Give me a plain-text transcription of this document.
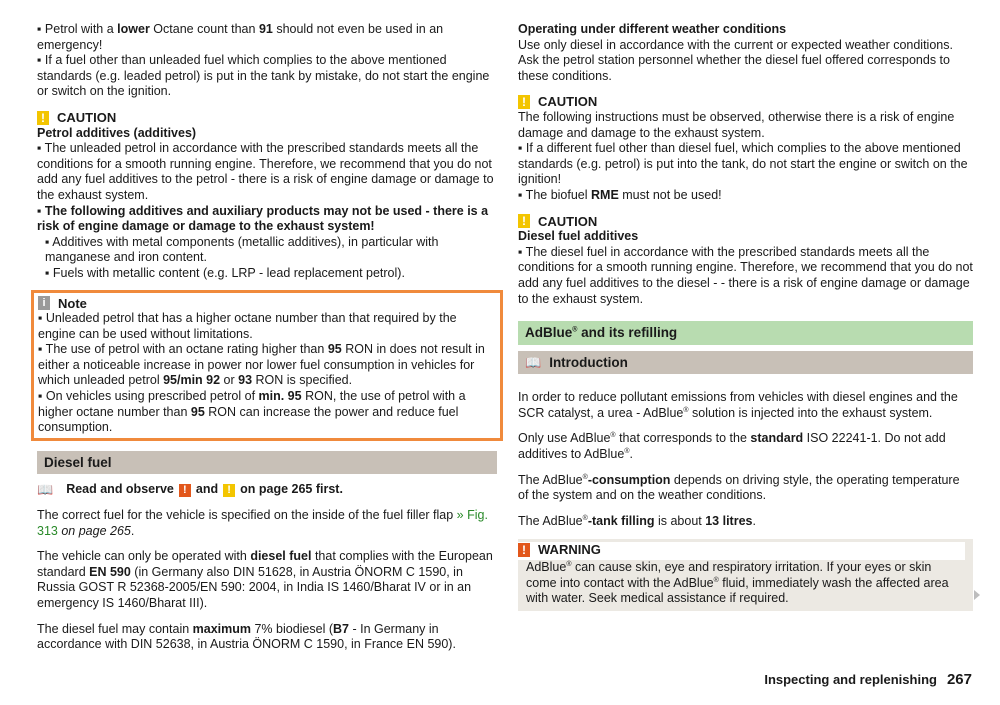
▪ Petrol with a lower Octane count than 91 should not even be used in an emergency!

▪ If a fuel other than unleaded fuel which complies to the above mentioned standards (e.g. leaded petrol) is put in the tank by mistake, do not start the engine or switch on the ignition.

! CAUTION

Petrol additives (additives)

▪ The unleaded petrol in accordance with the prescribed standards meets all the conditions for a smooth running engine. Therefore, we recommend that you do not add any fuel additives to the petrol - there is a risk of engine damage or damage to the exhaust system.

▪ The following additives and auxiliary products may not be used - there is a risk of engine damage or damage to the exhaust system!

▪ Additives with metal components (metallic additives), in particular with manganese and iron content.

▪ Fuels with metallic content (e.g. LRP - lead replacement petrol).

i Note

▪ Unleaded petrol that has a higher octane number than that required by the engine can be used without limitations.

▪ The use of petrol with an octane rating higher than 95 RON in does not result in either a noticeable increase in power nor lower fuel consumption in vehicles for which unleaded petrol 95/min 92 or 93 RON is specified.

▪ On vehicles using prescribed petrol of min. 95 RON, the use of petrol with a higher octane number than 95 RON can increase the power and reduce fuel consumption.

Diesel fuel
📖 Read and observe ! and ! on page 265 first.

The correct fuel for the vehicle is specified on the inside of the fuel filler flap » Fig. 313 on page 265.

The vehicle can only be operated with diesel fuel that complies with the European standard EN 590 (in Germany also DIN 51628, in Austria ÖNORM C 1590, in Russia GOST R 52368-2005/EN 590: 2004, in India IS 1460/Bharat IV or in an emergency IS 1460/Bharat III).

The diesel fuel may contain maximum 7% biodiesel (B7 - In Germany in accordance with DIN 52638, in Austria ÖNORM C 1590, in France EN 590).

Operating under different weather conditions

Use only diesel in accordance with the current or expected weather conditions. Ask the petrol station personnel whether the diesel fuel offered corresponds to these conditions.

! CAUTION

The following instructions must be observed, otherwise there is a risk of engine damage and damage to the exhaust system.

▪ If a different fuel other than diesel fuel, which complies to the above mentioned standards (e.g. petrol) is put into the tank, do not start the engine or switch on the ignition!

▪ The biofuel RME must not be used!

! CAUTION

Diesel fuel additives

▪ The diesel fuel in accordance with the prescribed standards meets all the conditions for a smooth running engine. Therefore, we recommend that you do not add any fuel additives to the diesel - - there is a risk of engine damage or damage to the exhaust system.

AdBlue® and its refilling
📖 Introduction

In order to reduce pollutant emissions from vehicles with diesel engines and the SCR catalyst, a urea - AdBlue® solution is injected into the exhaust system.

Only use AdBlue® that corresponds to the standard ISO 22241-1. Do not add additives to AdBlue®.

The AdBlue®-consumption depends on driving style, the operating temperature of the system and on the weather conditions.

The AdBlue®-tank filling is about 13 litres.

! WARNING

AdBlue® can cause skin, eye and respiratory irritation. If your eyes or skin come into contact with the AdBlue® fluid, immediately wash the affected area with water. Seek medical assistance if required.

Inspecting and replenishing 267
